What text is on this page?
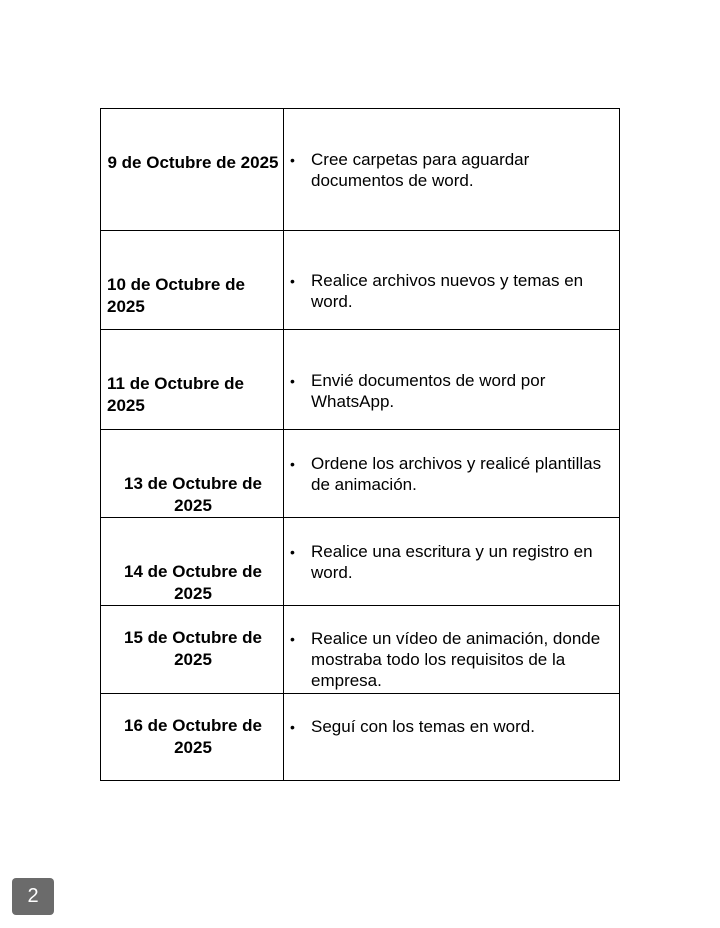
9 de Octubre de 2025	• Cree carpetas para aguardar documentos de word.

10 de Octubre de 2025	• Realice archivos nuevos y temas en word.

11 de Octubre de 2025	• Envié documentos de word por WhatsApp.

13 de Octubre de 2025	• Ordene los archivos y realicé plantillas de animación.

14 de Octubre de 2025	• Realice una escritura y un registro en word.

15 de Octubre de 2025	• Realice un vídeo de animación, donde mostraba todo los requisitos de la empresa.

16 de Octubre de 2025	• Seguí con los temas en word.
2
